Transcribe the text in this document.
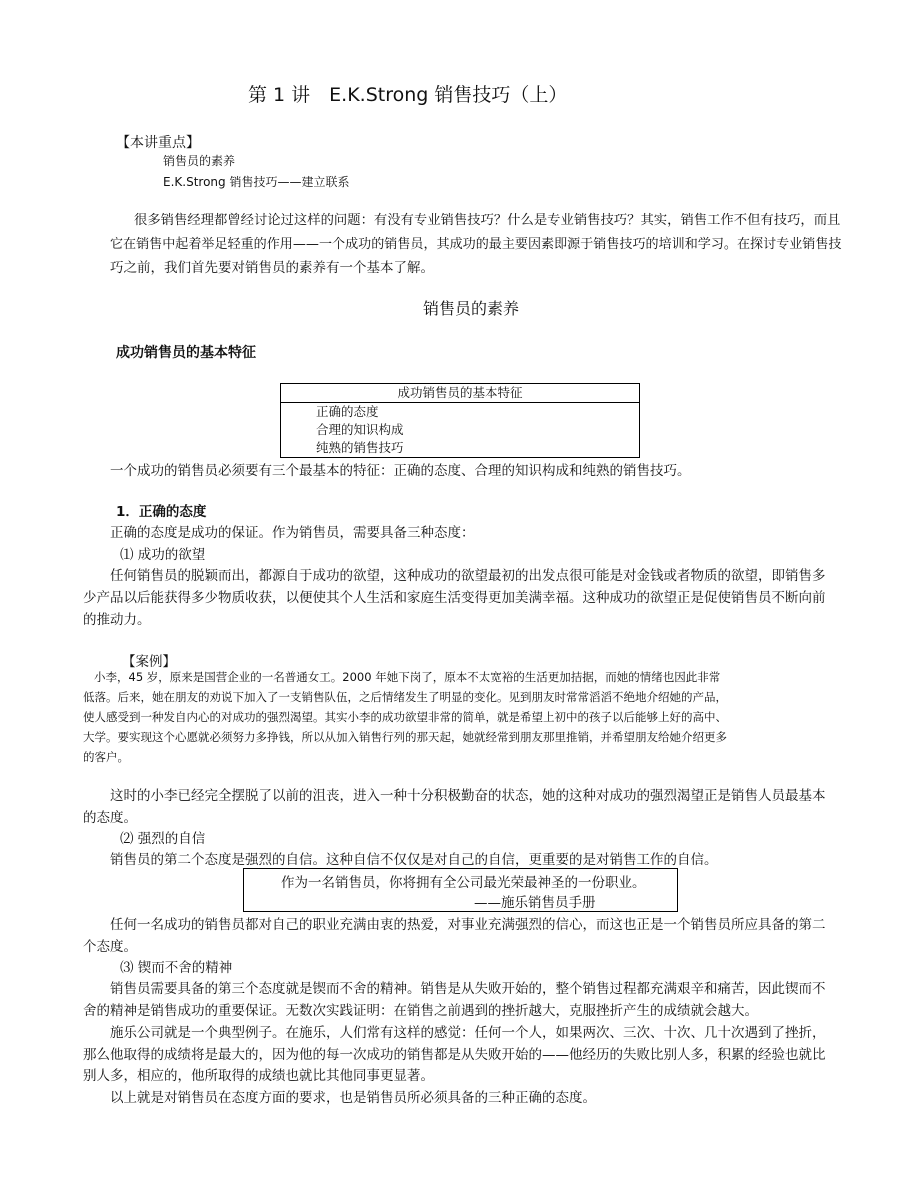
第 1 讲　E.K.Strong 销售技巧（上）
【本讲重点】
销售员的素养
E.K.Strong 销售技巧——建立联系
很多销售经理都曾经讨论过这样的问题：有没有专业销售技巧？什么是专业销售技巧？其实，销售工作不但有技巧，而且
它在销售中起着举足轻重的作用——一个成功的销售员，其成功的最主要因素即源于销售技巧的培训和学习。在探讨专业销售技
巧之前，我们首先要对销售员的素养有一个基本了解。
销售员的素养
成功销售员的基本特征
成功销售员的基本特征
正确的态度
合理的知识构成
纯熟的销售技巧
一个成功的销售员必须要有三个最基本的特征：正确的态度、合理的知识构成和纯熟的销售技巧。
1．正确的态度
正确的态度是成功的保证。作为销售员，需要具备三种态度：
⑴ 成功的欲望
任何销售员的脱颖而出，都源自于成功的欲望，这种成功的欲望最初的出发点很可能是对金钱或者物质的欲望，即销售多
少产品以后能获得多少物质收获，以便使其个人生活和家庭生活变得更加美满幸福。这种成功的欲望正是促使销售员不断向前
的推动力。
【案例】
小李，45 岁，原来是国营企业的一名普通女工。2000 年她下岗了，原本不太宽裕的生活更加拮据，而她的情绪也因此非常
低落。后来，她在朋友的劝说下加入了一支销售队伍，之后情绪发生了明显的变化。见到朋友时常常滔滔不绝地介绍她的产品，
使人感受到一种发自内心的对成功的强烈渴望。其实小李的成功欲望非常的简单，就是希望上初中的孩子以后能够上好的高中、
大学。要实现这个心愿就必须努力多挣钱，所以从加入销售行列的那天起，她就经常到朋友那里推销，并希望朋友给她介绍更多
的客户。
这时的小李已经完全摆脱了以前的沮丧，进入一种十分积极勤奋的状态，她的这种对成功的强烈渴望正是销售人员最基本
的态度。
⑵ 强烈的自信
销售员的第二个态度是强烈的自信。这种自信不仅仅是对自己的自信，更重要的是对销售工作的自信。
作为一名销售员，你将拥有全公司最光荣最神圣的一份职业。
——施乐销售员手册
任何一名成功的销售员都对自己的职业充满由衷的热爱，对事业充满强烈的信心，而这也正是一个销售员所应具备的第二
个态度。
⑶ 锲而不舍的精神
销售员需要具备的第三个态度就是锲而不舍的精神。销售是从失败开始的，整个销售过程都充满艰辛和痛苦，因此锲而不
舍的精神是销售成功的重要保证。无数次实践证明：在销售之前遇到的挫折越大，克服挫折产生的成绩就会越大。
施乐公司就是一个典型例子。在施乐，人们常有这样的感觉：任何一个人，如果两次、三次、十次、几十次遇到了挫折，
那么他取得的成绩将是最大的，因为他的每一次成功的销售都是从失败开始的——他经历的失败比别人多，积累的经验也就比
别人多，相应的，他所取得的成绩也就比其他同事更显著。
以上就是对销售员在态度方面的要求，也是销售员所必须具备的三种正确的态度。
